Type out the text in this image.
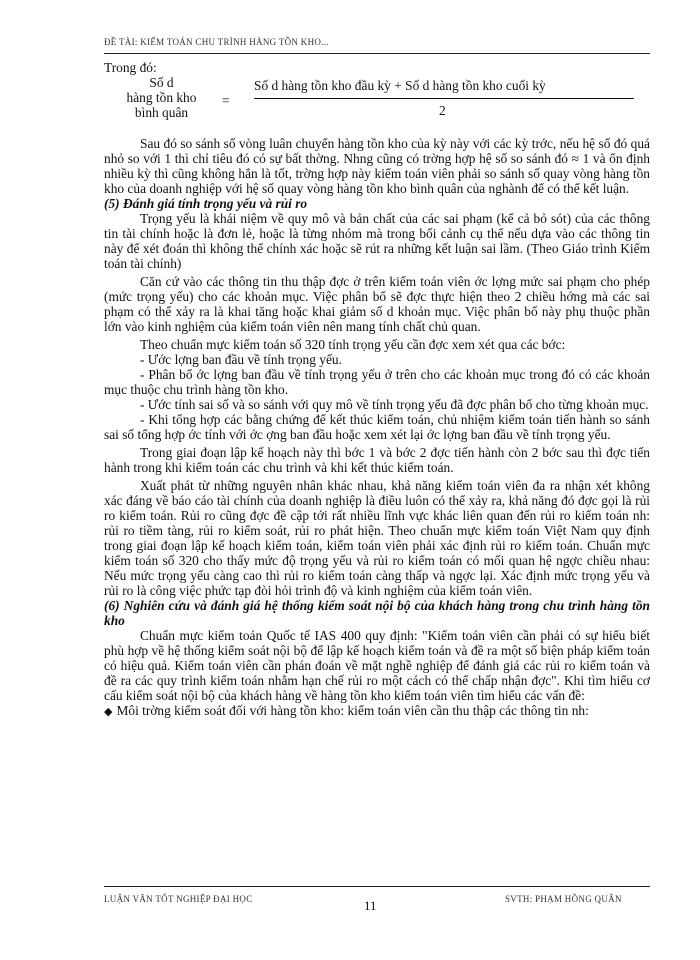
ĐỀ TÀI: KIỂM TOÁN CHU TRÌNH HÀNG TỒN KHO...
Trong đó:
Số d
hàng tồn kho
bình quân
=
Số d hàng tồn kho đầu kỳ + Số d hàng tồn kho cuối kỳ
2

Sau đó so sánh số vòng luân chuyển hàng tồn kho của kỳ này với các kỳ trớc, nếu hệ số đó quá nhỏ so với 1 thì chỉ tiêu đó có sự bất thờng. Nhng cũng có trờng hợp hệ số so sánh đó ≈ 1 và ổn định nhiều kỳ thì cũng không hẳn là tốt, trờng hợp này kiểm toán viên phải so sánh số quay vòng hàng tồn kho của doanh nghiệp với hệ số quay vòng hàng tồn kho bình quân của nghành để có thể kết luận.

(5) Đánh giá tính trọng yếu và rủi ro

Trọng yếu là khái niệm về quy mô và bản chất của các sai phạm (kể cả bỏ sót) của các thông tin tài chính hoặc là đơn lẻ, hoặc là từng nhóm mà trong bối cảnh cụ thể nếu dựa vào các thông tin này để xét đoán thì không thể chính xác hoặc sẽ rút ra những kết luận sai lầm. (Theo Giáo trình Kiểm toán tài chính)

Căn cứ vào các thông tin thu thập đợc ở trên kiểm toán viên ớc lợng mức sai phạm cho phép (mức trọng yếu) cho các khoản mục. Việc phân bổ sẽ đợc thực hiện theo 2 chiều hớng mà các sai phạm có thể xảy ra là khai tăng hoặc khai giảm số d khoản mục. Việc phân bổ này phụ thuộc phần lớn vào kinh nghiệm của kiểm toán viên nên mang tính chất chủ quan.

Theo chuẩn mực kiểm toán số 320 tính trọng yếu cần đợc xem xét qua các bớc:

- Ước lợng ban đầu về tính trọng yếu.

- Phân bổ ớc lợng ban đầu về tính trọng yếu ở trên cho các khoản mục trong đó có các khoản mục thuộc chu trình hàng tồn kho.

- Ước tính sai số và so sánh với quy mô về tính trọng yếu đã đợc phân bổ cho từng khoản mục.

- Khi tổng hợp các bằng chứng để kết thúc kiểm toán, chủ nhiệm kiểm toán tiến hành so sánh sai số tổng hợp ớc tính với ớc ợng ban đầu hoặc xem xét lại ớc lợng ban đầu về tính trọng yếu.

Trong giai đoạn lập kế hoạch này thì bớc 1 và bớc 2 đợc tiến hành còn 2 bớc sau thì đợc tiến hành trong khi kiểm toán các chu trình và khi kết thúc kiểm toán.

Xuất phát từ những nguyên nhân khác nhau, khả năng kiểm toán viên đa ra nhận xét không xác đáng về báo cáo tài chính của doanh nghiệp là điều luôn có thể xảy ra, khả năng đó đợc gọi là rủi ro kiểm toán. Rủi ro cũng đợc đề cập tới rất nhiều lĩnh vực khác liên quan đến rủi ro kiểm toán nh: rủi ro tiềm tàng, rủi ro kiểm soát, rủi ro phát hiện. Theo chuẩn mực kiểm toán Việt Nam quy định trong giai đoạn lập kế hoạch kiểm toán, kiểm toán viên phải xác định rủi ro kiểm toán. Chuẩn mực kiểm toán số 320 cho thấy mức độ trọng yếu và rủi ro kiểm toán có mối quan hệ ngợc chiều nhau: Nếu mức trọng yếu càng cao thì rủi ro kiểm toán càng thấp và ngợc lại. Xác định mức trọng yếu và rủi ro là công việc phức tạp đòi hỏi trình độ và kinh nghiệm của kiểm toán viên.

(6) Nghiên cứu và đánh giá hệ thống kiểm soát nội bộ của khách hàng trong chu trình hàng tồn kho

Chuẩn mực kiểm toán Quốc tế IAS 400 quy định: "Kiểm toán viên cần phải có sự hiểu biết phù hợp về hệ thống kiểm soát nội bộ để lập kế hoạch kiểm toán và đề ra một số biện pháp kiểm toán có hiệu quả. Kiểm toán viên cần phán đoán về mặt nghề nghiệp để đánh giá các rủi ro kiểm toán và đề ra các quy trình kiểm toán nhằm hạn chế rủi ro một cách có thể chấp nhận đợc". Khi tìm hiểu cơ cấu kiểm soát nội bộ của khách hàng về hàng tồn kho kiểm toán viên tìm hiểu các vấn đề:

◆ Môi trờng kiểm soát đối với hàng tồn kho: kiểm toán viên cần thu thập các thông tin nh:

LUẬN VĂN TỐT NGHIỆP ĐẠI HỌC	11	SVTH: PHẠM HỒNG QUÂN
